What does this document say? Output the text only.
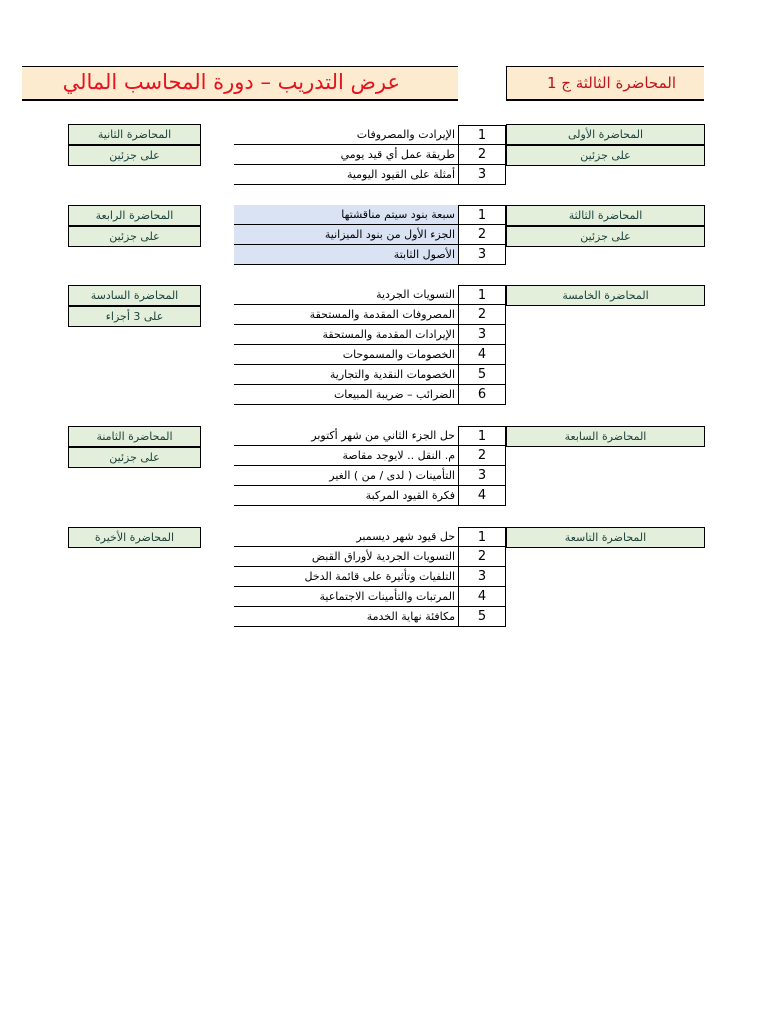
عرض التدريب – دورة المحاسب المالي	المحاضرة الثالثة ج 1
المحاضرة الأولى
على جزئين
المحاضرة الثانية
على جزئين
1
الإيرادت والمصروفات
2
طريقة عمل أي قيد يومي
3
أمثلة على القيود اليومية
المحاضرة الثالثة
على جزئين
المحاضرة الرابعة
على جزئين
1
سبعة بنود سيتم مناقشتها
2
الجزء الأول من بنود الميزانية
3
الأصول الثابتة
المحاضرة الخامسة
المحاضرة السادسة
على 3 أجزاء
1
التسويات الجردية
2
المصروفات المقدمة والمستحقة
3
الإيرادات المقدمة والمستحقة
4
الخصومات والمسموحات
5
الخصومات النقدية والتجارية
6
الضرائب – ضريبة المبيعات
المحاضرة السابعة
المحاضرة الثامنة
على جزئين
1
حل الجزء الثاني من شهر أكتوبر
2
م. النقل .. لايوجد مقاصة
3
التأمينات ( لدى / من ) الغير
4
فكرة القيود المركبة
المحاضرة التاسعة
المحاضرة الأخيرة	1
حل قيود شهر ديسمبر
2
التسويات الجردية لأوراق القبض
3
التلفيات وتأثيرة على قائمة الدخل
4
المرتبات والتأمينات الاجتماعية
5
مكافئة نهاية الخدمة
